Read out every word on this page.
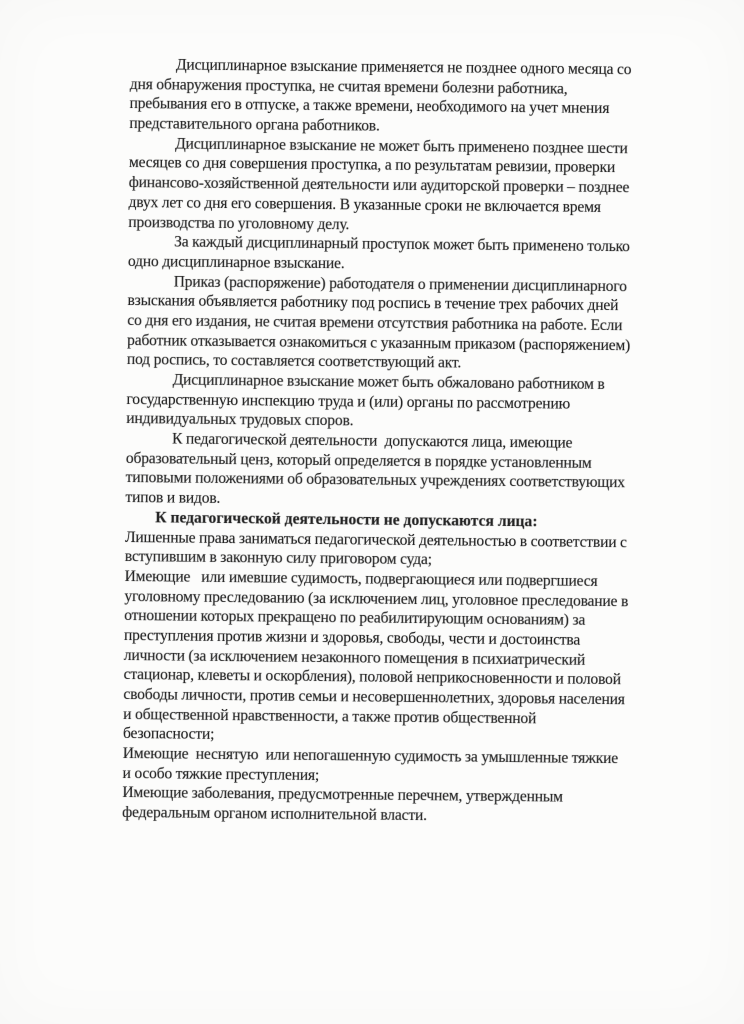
Дисциплинарное взыскание применяется не позднее одного месяца со
дня обнаружения проступка, не считая времени болезни работника,
пребывания его в отпуске, а также времени, необходимого на учет мнения
представительного органа работников.
Дисциплинарное взыскание не может быть применено позднее шести
месяцев со дня совершения проступка, а по результатам ревизии, проверки
финансово-хозяйственной деятельности или аудиторской проверки – позднее
двух лет со дня его совершения. В указанные сроки не включается время
производства по уголовному делу.
За каждый дисциплинарный проступок может быть применено только
одно дисциплинарное взыскание.
Приказ (распоряжение) работодателя о применении дисциплинарного
взыскания объявляется работнику под роспись в течение трех рабочих дней
со дня его издания, не считая времени отсутствия работника на работе. Если
работник отказывается ознакомиться с указанным приказом (распоряжением)
под роспись, то составляется соответствующий акт.
Дисциплинарное взыскание может быть обжаловано работником в
государственную инспекцию труда и (или) органы по рассмотрению
индивидуальных трудовых споров.
К педагогической деятельности  допускаются лица, имеющие
образовательный ценз, который определяется в порядке установленным
типовыми положениями об образовательных учреждениях соответствующих
типов и видов.
К педагогической деятельности не допускаются лица:
Лишенные права заниматься педагогической деятельностью в соответствии с
вступившим в законную силу приговором суда;
Имеющие   или имевшие судимость, подвергающиеся или подвергшиеся
уголовному преследованию (за исключением лиц, уголовное преследование в
отношении которых прекращено по реабилитирующим основаниям) за
преступления против жизни и здоровья, свободы, чести и достоинства
личности (за исключением незаконного помещения в психиатрический
стационар, клеветы и оскорбления), половой неприкосновенности и половой
свободы личности, против семьи и несовершеннолетних, здоровья населения
и общественной нравственности, а также против общественной
безопасности;
Имеющие  неснятую  или непогашенную судимость за умышленные тяжкие
и особо тяжкие преступления;
Имеющие заболевания, предусмотренные перечнем, утвержденным
федеральным органом исполнительной власти.
